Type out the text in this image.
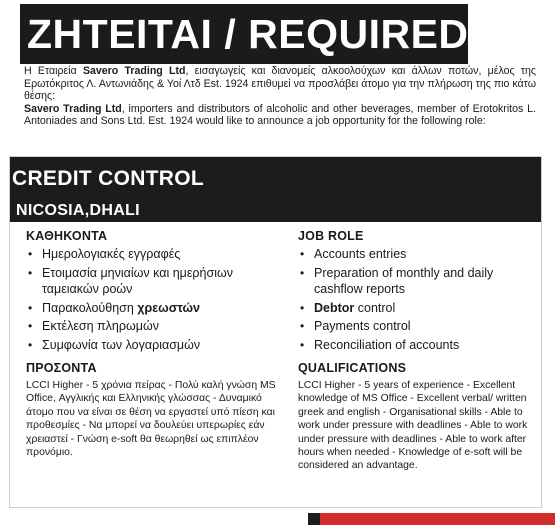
ΖΗΤΕΙΤΑΙ / REQUIRED

Η Εταιρεία Savero Trading Ltd, εισαγωγείς και διανομείς αλκοολούχων και άλλων ποτών, μέλος της Ερωτόκριτος Λ. Αντωνιάδης & Υοί Λτδ Est. 1924 επιθυμεί να προσλάβει άτομο για την πλήρωση της πιο κάτω θέσης:

Savero Trading Ltd, importers and distributors of alcoholic and other beverages, member of Erotokritos L. Antoniades and Sons Ltd. Est. 1924 would like to announce a job opportunity for the following role:

CREDIT CONTROL
NICOSIA,DHALI
ΚΑΘΗΚΟΝΤΑ
• Ημερολογιακές εγγραφές
• Ετοιμασία μηνιαίων και ημερήσιων ταμειακών ροών
• Παρακολούθηση χρεωστών
• Εκτέλεση πληρωμών
• Συμφωνία των λογαριασμών
ΠΡΟΣΟΝΤΑ

LCCI Higher - 5 χρόνια πείρας - Πολύ καλή γνώση MS Office, Αγγλικής και Ελληνικής γλώσσας - Δυναμικό άτομο που να είναι σε θέση να εργαστεί υπό πίεση και προθεσμίες - Να μπορεί να δουλεύει υπερωρίες εάν χρειαστεί - Γνώση e-soft θα θεωρηθεί ως επιπλέον προνόμιο.

JOB ROLE
• Accounts entries
• Preparation of monthly and daily cashflow reports
• Debtor control
• Payments control
• Reconciliation of accounts
QUALIFICATIONS

LCCI Higher - 5 years of experience - Excellent knowledge of MS Office - Excellent verbal/ written greek and english - Organisational skills - Able to work under pressure with deadlines - Able to work under pressure with deadlines - Able to work after hours when needed - Knowledge of e-soft will be considered an advantage.
